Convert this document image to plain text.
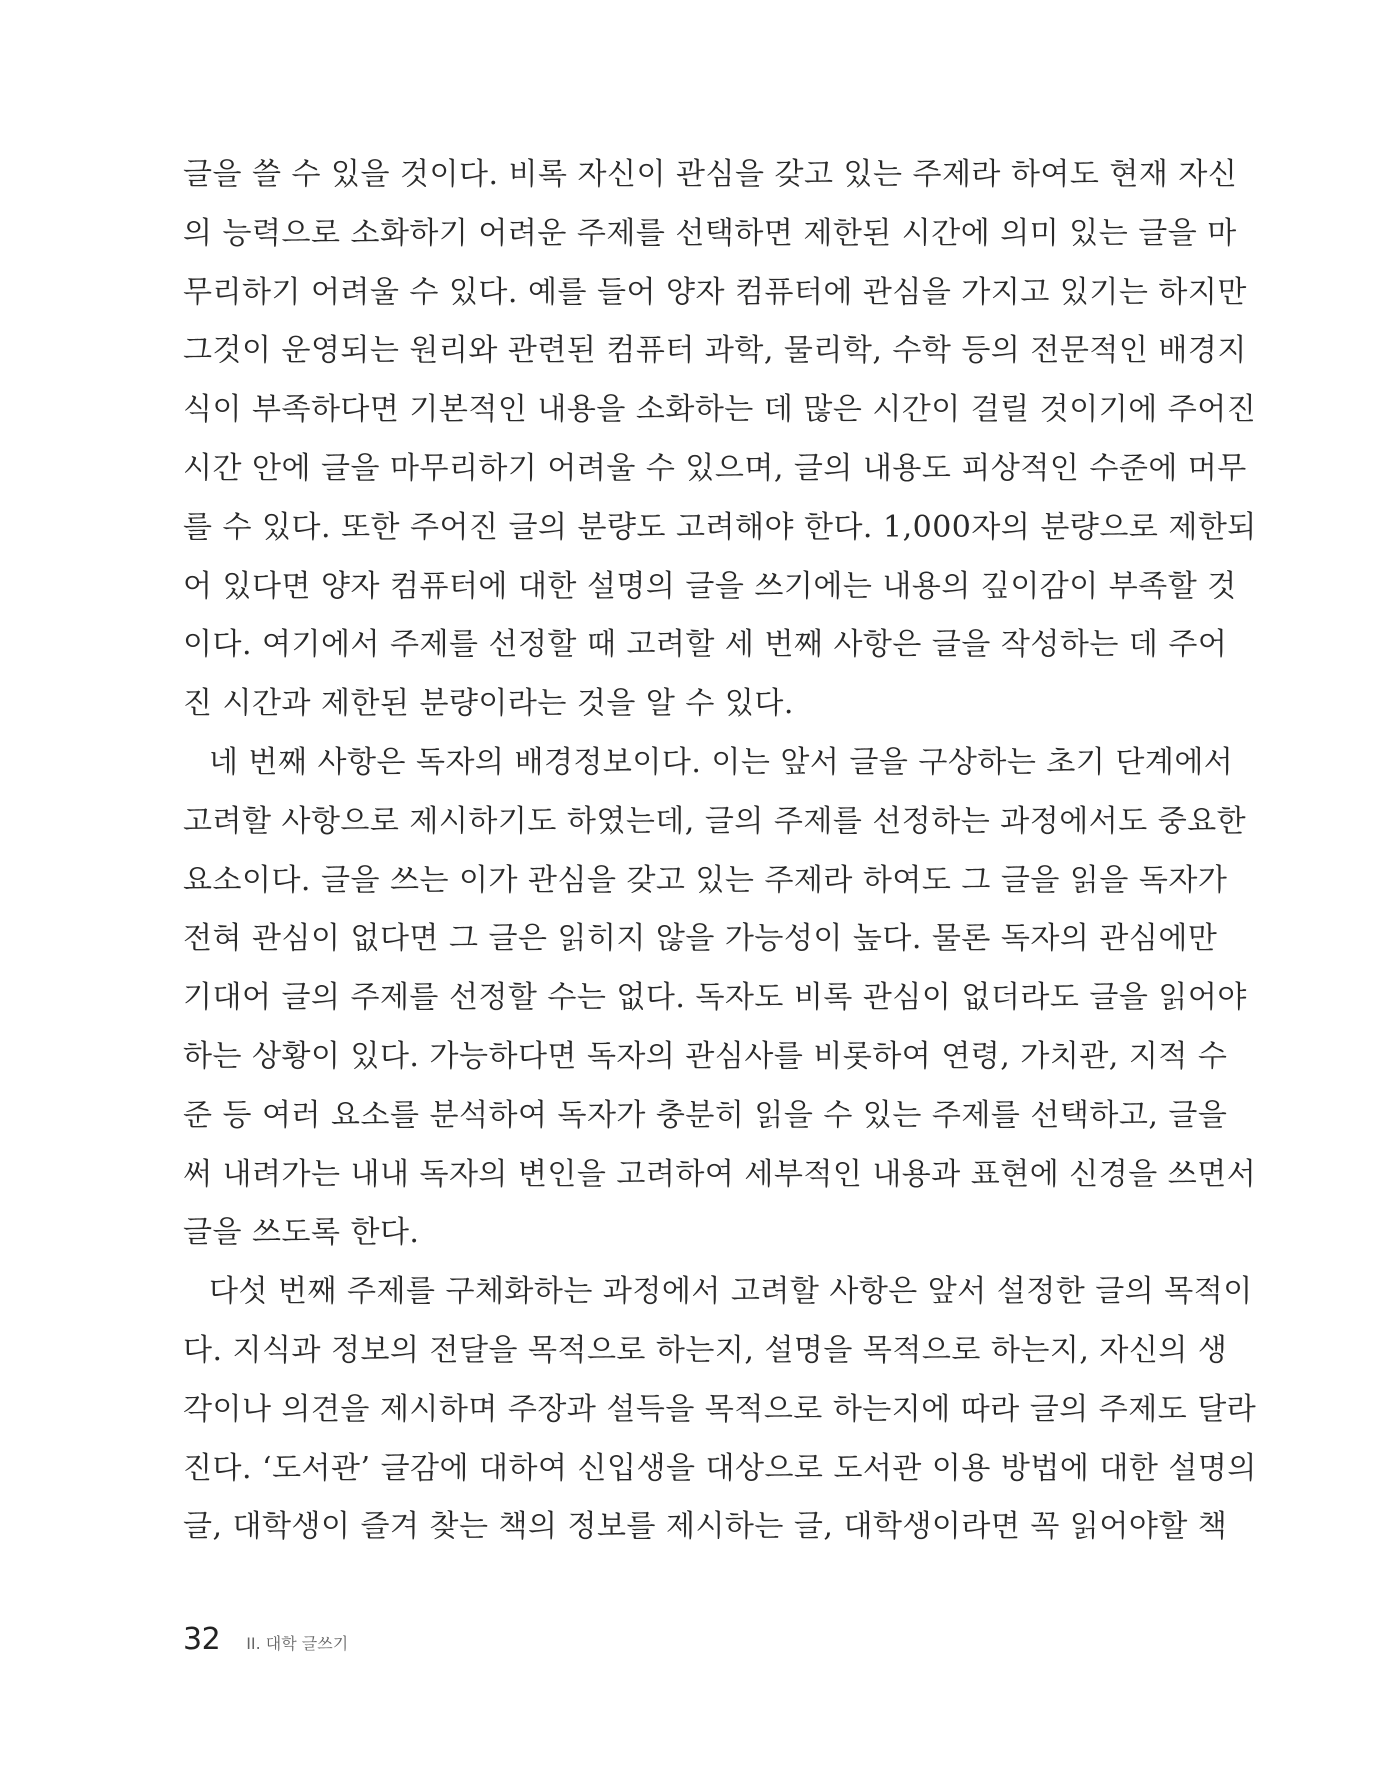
글을 쓸 수 있을 것이다. 비록 자신이 관심을 갖고 있는 주제라 하여도 현재 자신
의 능력으로 소화하기 어려운 주제를 선택하면 제한된 시간에 의미 있는 글을 마
무리하기 어려울 수 있다. 예를 들어 양자 컴퓨터에 관심을 가지고 있기는 하지만
그것이 운영되는 원리와 관련된 컴퓨터 과학, 물리학, 수학 등의 전문적인 배경지
식이 부족하다면 기본적인 내용을 소화하는 데 많은 시간이 걸릴 것이기에 주어진
시간 안에 글을 마무리하기 어려울 수 있으며, 글의 내용도 피상적인 수준에 머무
를 수 있다. 또한 주어진 글의 분량도 고려해야 한다. 1,000자의 분량으로 제한되
어 있다면 양자 컴퓨터에 대한 설명의 글을 쓰기에는 내용의 깊이감이 부족할 것
이다. 여기에서 주제를 선정할 때 고려할 세 번째 사항은 글을 작성하는 데 주어
진 시간과 제한된 분량이라는 것을 알 수 있다.

네 번째 사항은 독자의 배경정보이다. 이는 앞서 글을 구상하는 초기 단계에서
고려할 사항으로 제시하기도 하였는데, 글의 주제를 선정하는 과정에서도 중요한
요소이다. 글을 쓰는 이가 관심을 갖고 있는 주제라 하여도 그 글을 읽을 독자가
전혀 관심이 없다면 그 글은 읽히지 않을 가능성이 높다. 물론 독자의 관심에만
기대어 글의 주제를 선정할 수는 없다. 독자도 비록 관심이 없더라도 글을 읽어야
하는 상황이 있다. 가능하다면 독자의 관심사를 비롯하여 연령, 가치관, 지적 수
준 등 여러 요소를 분석하여 독자가 충분히 읽을 수 있는 주제를 선택하고, 글을
써 내려가는 내내 독자의 변인을 고려하여 세부적인 내용과 표현에 신경을 쓰면서
글을 쓰도록 한다.

다섯 번째 주제를 구체화하는 과정에서 고려할 사항은 앞서 설정한 글의 목적이
다. 지식과 정보의 전달을 목적으로 하는지, 설명을 목적으로 하는지, 자신의 생
각이나 의견을 제시하며 주장과 설득을 목적으로 하는지에 따라 글의 주제도 달라
진다. ‘도서관’ 글감에 대하여 신입생을 대상으로 도서관 이용 방법에 대한 설명의
글, 대학생이 즐겨 찾는 책의 정보를 제시하는 글, 대학생이라면 꼭 읽어야할 책

32 II. 대학 글쓰기
